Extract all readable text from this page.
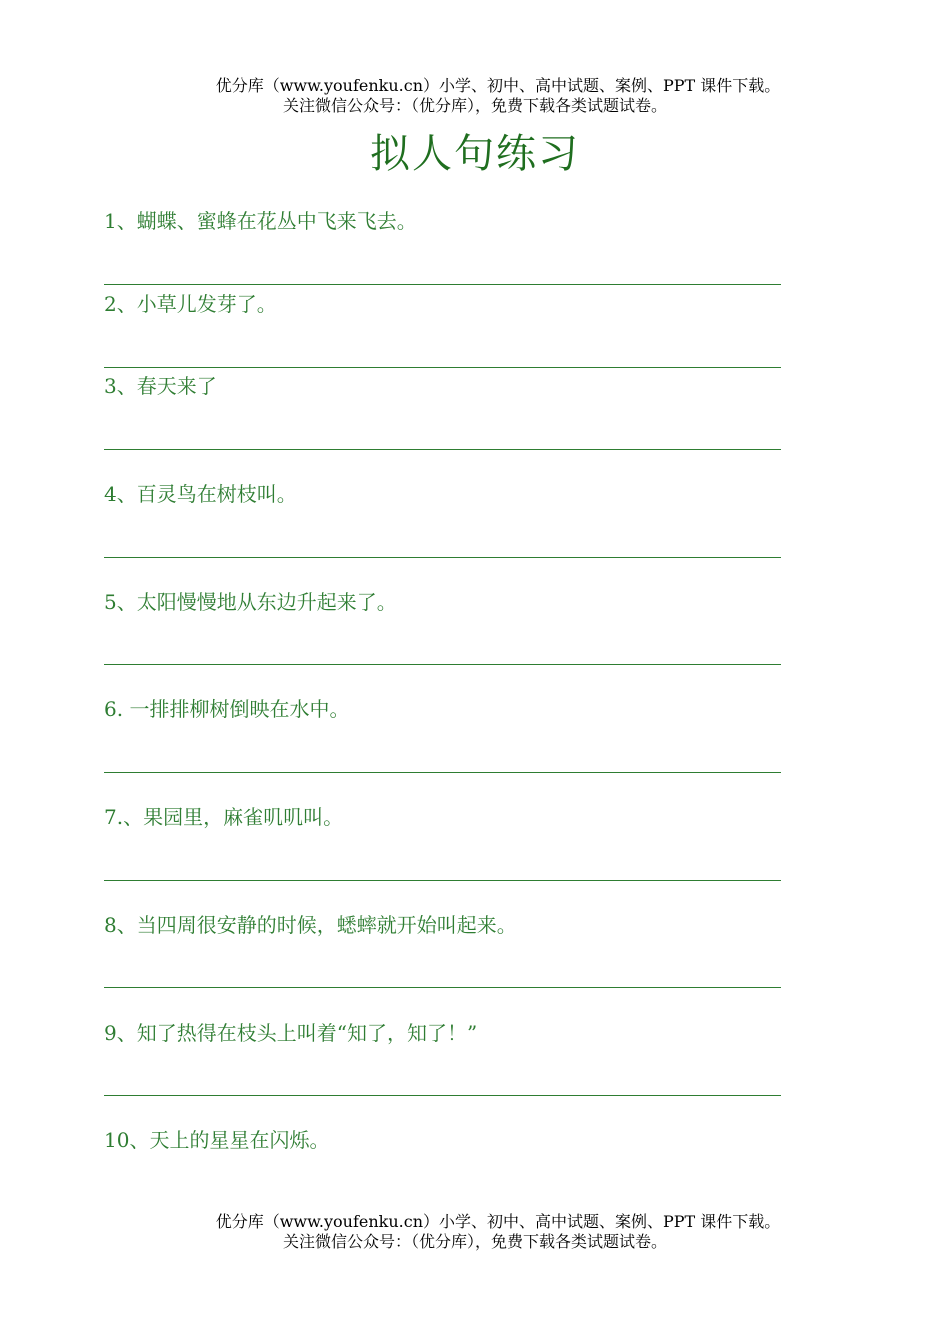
优分库（www.youfenku.cn）小学、初中、高中试题、案例、PPT 课件下载。
关注微信公众号：（优分库），免费下载各类试题试卷。
拟人句练习
1、蝴蝶、蜜蜂在花丛中飞来飞去。
2、小草儿发芽了。
3、春天来了
4、百灵鸟在树枝叫。
5、太阳慢慢地从东边升起来了。
6. 一排排柳树倒映在水中。
7.、果园里，麻雀叽叽叫。
8、当四周很安静的时候，蟋蟀就开始叫起来。
9、知了热得在枝头上叫着“知了，知了！”
10、天上的星星在闪烁。
优分库（www.youfenku.cn）小学、初中、高中试题、案例、PPT 课件下载。
关注微信公众号：（优分库），免费下载各类试题试卷。
